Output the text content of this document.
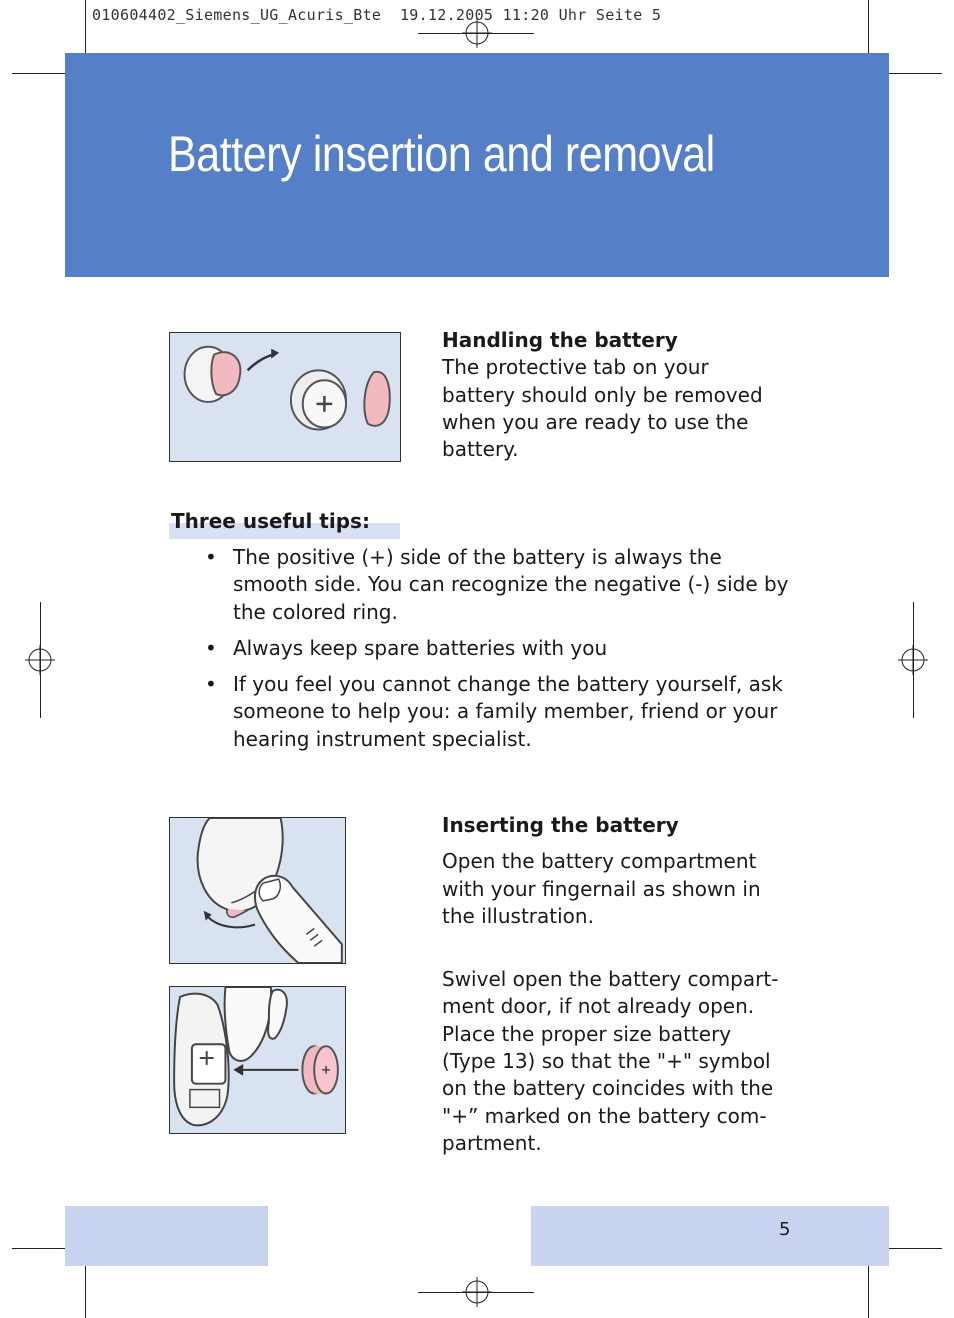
010604402_Siemens_UG_Acuris_Bte 19.12.2005 11:20 Uhr Seite 5
Battery insertion and removal
Handling the battery

The protective tab on your battery should only be removed when you are ready to use the battery.

Three useful tips:
• The positive (+) side of the battery is always the smooth side. You can recognize the negative (-) side by the colored ring.
• Always keep spare batteries with you
• If you feel you cannot change the battery yourself, ask someone to help you: a family member, friend or your hearing instrument specialist.
Inserting the battery

Open the battery compartment with your fingernail as shown in the illustration.

Swivel open the battery compart-ment door, if not already open. Place the proper size battery (Type 13) so that the "+" symbol on the battery coincides with the "+” marked on the battery com-partment.

5
